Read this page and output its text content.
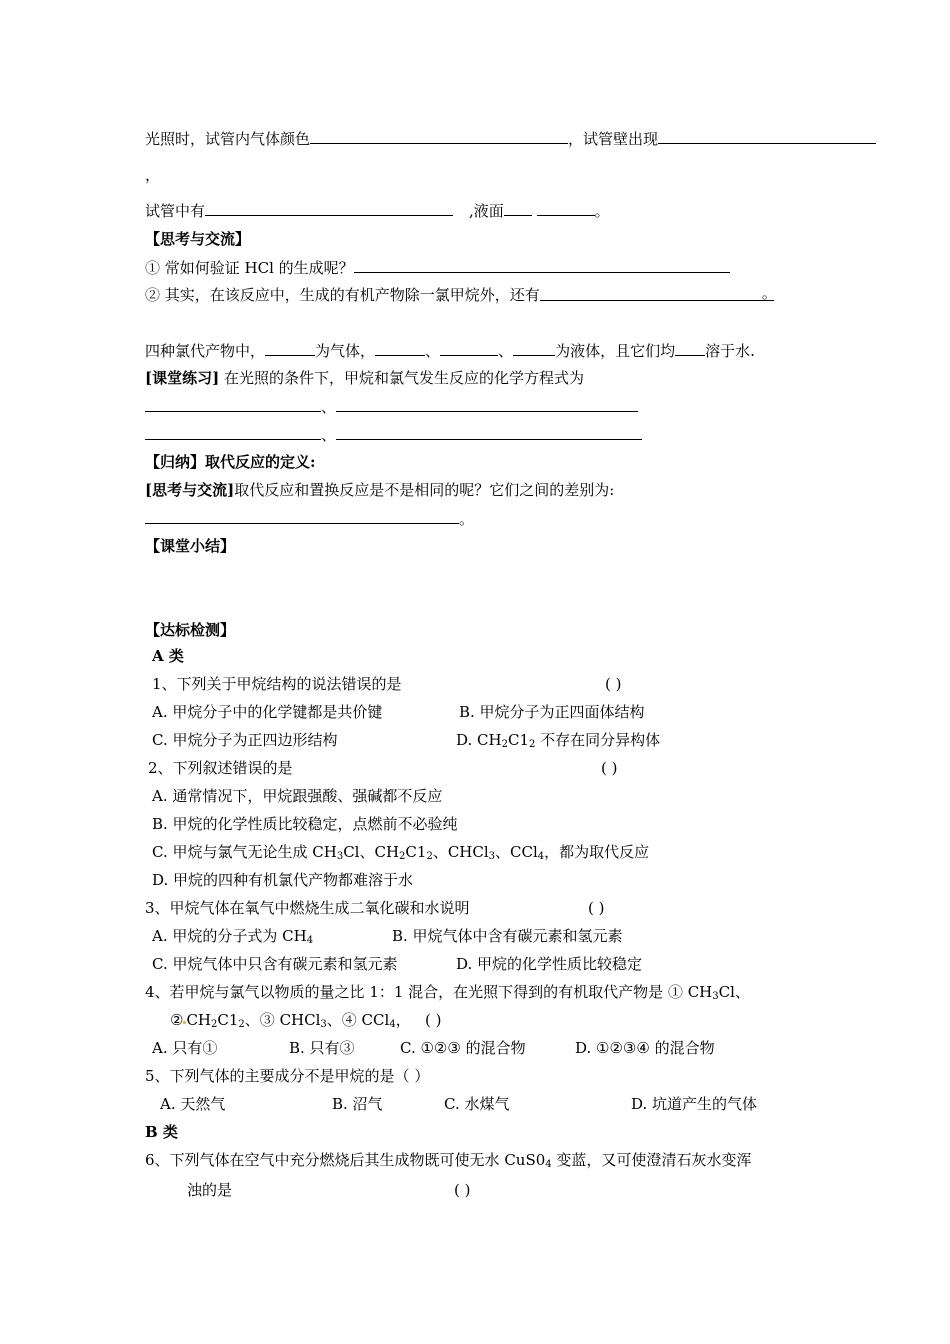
光照时，试管内气体颜色	，试管壁出现
，
试管中有	,液面	。
【思考与交流】
① 常如何验证 HCl 的生成呢？
② 其实，在该反应中，生成的有机产物除一氯甲烷外，还有	。
四种氯代产物中，	为气体，	、	、	为液体，且它们均 溶于水.
[课堂练习] 在光照的条件下，甲烷和氯气发生反应的化学方程式为
、
、
【归纳】取代反应的定义:
[思考与交流]取代反应和置换反应是不是相同的呢？它们之间的差别为:
。
【课堂小结】
【达标检测】
A 类
1、下列关于甲烷结构的说法错误的是	( )
A. 甲烷分子中的化学键都是共价键	B. 甲烷分子为正四面体结构
C. 甲烷分子为正四边形结构	D. $CH_2C1_2$ 不存在同分异构体
2、下列叙述错误的是	( )
A. 通常情况下，甲烷跟强酸、强碱都不反应
B. 甲烷的化学性质比较稳定，点燃前不必验纯
C. 甲烷与氯气无论生成 $CH_3Cl$、$CH_2C1_2$、CHCl$_3$、CCl$_4$，都为取代反应
D. 甲烷的四种有机氯代产物都难溶于水
3、甲烷气体在氧气中燃烧生成二氧化碳和水说明	( )
A. 甲烷的分子式为 $CH_4$	B. 甲烷气体中含有碳元素和氢元素
C. 甲烷气体中只含有碳元素和氢元素	D. 甲烷的化学性质比较稳定
4、若甲烷与氯气以物质的量之比 1：1 混合，在光照下得到的有机取代产物是 ① $CH_3Cl$、
② $CH_2C1_2$、③ CHCl$_3$、④ CCl$_4$， ( )
A. 只有①	B. 只有③	C. ①②③ 的混合物	D. ①②③④ 的混合物
5、下列气体的主要成分不是甲烷的是（ ）
A. 天然气	B. 沼气	C. 水煤气	D. 坑道产生的气体
B 类
6、下列气体在空气中充分燃烧后其生成物既可使无水 $CuS0_4$ 变蓝，又可使澄清石灰水变浑
浊的是	( )
